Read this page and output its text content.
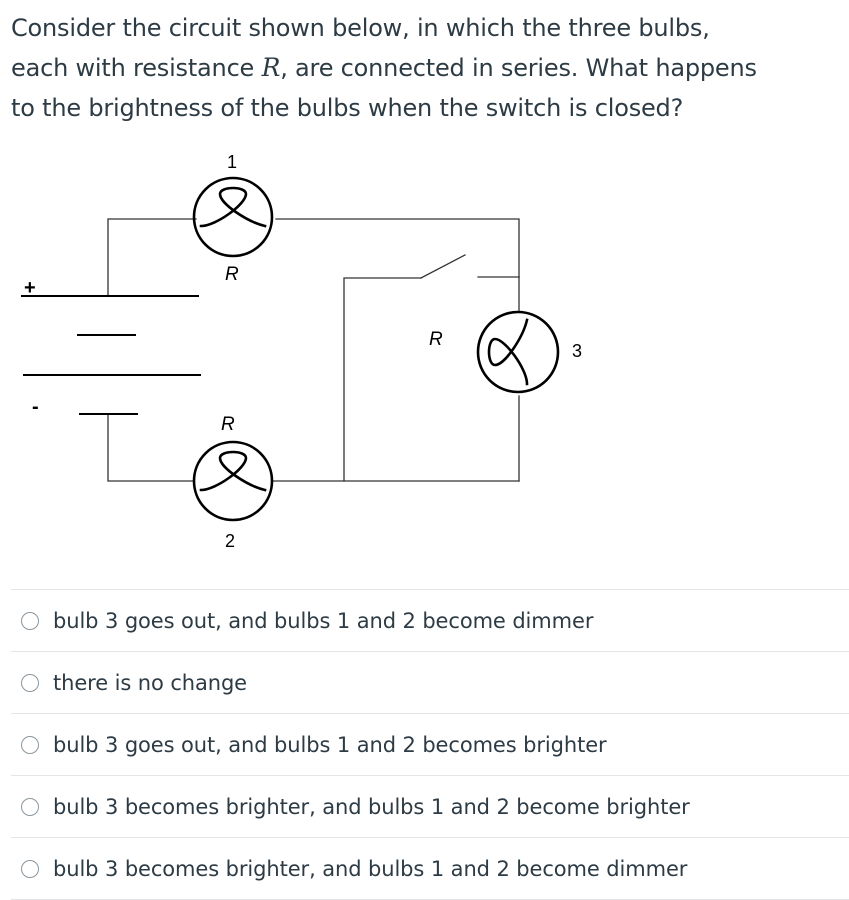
Consider the circuit shown below, in which the three bulbs,
each with resistance R, are connected in series. What happens
to the brightness of the bulbs when the switch is closed?
1
R
R
2
R
3
+
-
bulb 3 goes out, and bulbs 1 and 2 become dimmer
there is no change
bulb 3 goes out, and bulbs 1 and 2 becomes brighter
bulb 3 becomes brighter, and bulbs 1 and 2 become brighter
bulb 3 becomes brighter, and bulbs 1 and 2 become dimmer
